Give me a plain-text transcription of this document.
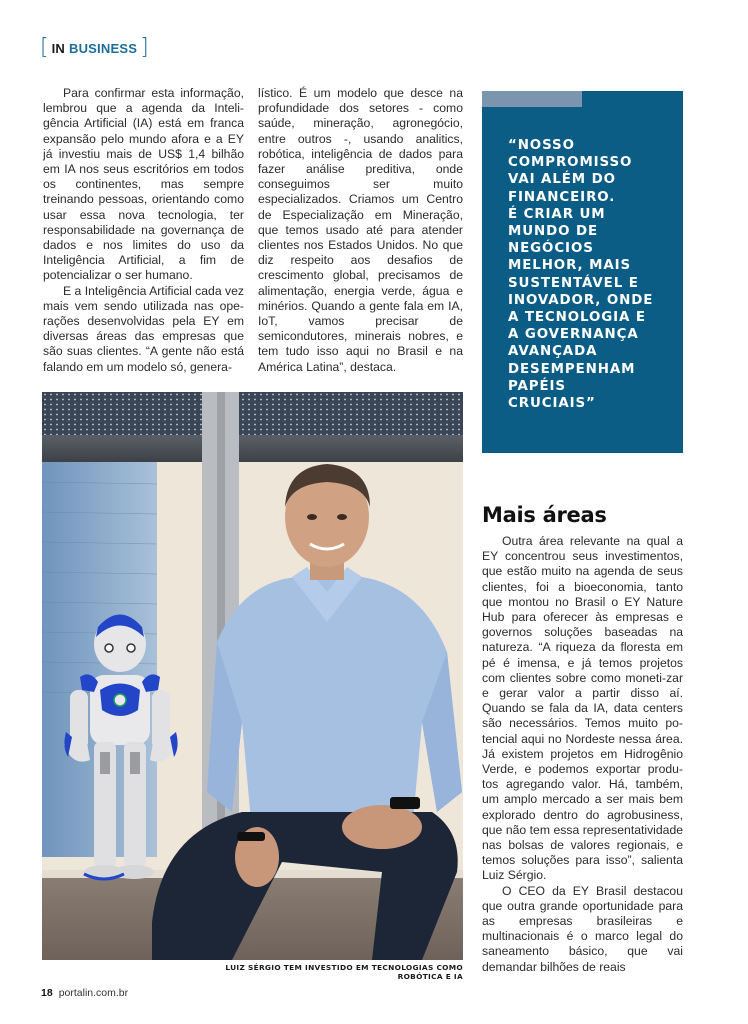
[ IN BUSINESS ]

Para confirmar esta informação, lembrou que a agenda da Inteli-gência Artificial (IA) está em franca expansão pelo mundo afora e a EY já investiu mais de US$ 1,4 bilhão em IA nos seus escritórios em todos os continentes, mas sempre treinando pessoas, orientando como usar essa nova tecnologia, ter responsabilidade na governança de dados e nos limites do uso da Inteligência Artificial, a fim de potencializar o ser humano.

E a Inteligência Artificial cada vez mais vem sendo utilizada nas ope-rações desenvolvidas pela EY em diversas áreas das empresas que são suas clientes. “A gente não está falando em um modelo só, genera-

lístico. É um modelo que desce na profundidade dos setores - como saúde, mineração, agronegócio, entre outros -, usando analitics, robótica, inteligência de dados para fazer análise preditiva, onde conseguimos ser muito especializados. Criamos um Centro de Especialização em Mineração, que temos usado até para atender clientes nos Estados Unidos. No que diz respeito aos desafios de crescimento global, precisamos de alimentação, energia verde, água e minérios. Quando a gente fala em IA, IoT, vamos precisar de semicondutores, minerais nobres, e tem tudo isso aqui no Brasil e na América Latina”, destaca.

“NOSSO
COMPROMISSO
VAI ALÉM DO
FINANCEIRO.
É CRIAR UM
MUNDO DE
NEGÓCIOS
MELHOR, MAIS
SUSTENTÁVEL E
INOVADOR, ONDE
A TECNOLOGIA E
A GOVERNANÇA
AVANÇADA
DESEMPENHAM
PAPÉIS
CRUCIAIS”
Mais áreas

Outra área relevante na qual a EY concentrou seus investimentos, que estão muito na agenda de seus clientes, foi a bioeconomia, tanto que montou no Brasil o EY Nature Hub para oferecer às empresas e governos soluções baseadas na natureza. “A riqueza da floresta em pé é imensa, e já temos projetos com clientes sobre como moneti-zar e gerar valor a partir disso aí. Quando se fala da IA, data centers são necessários. Temos muito po-tencial aqui no Nordeste nessa área. Já existem projetos em Hidrogênio Verde, e podemos exportar produ-tos agregando valor. Há, também, um amplo mercado a ser mais bem explorado dentro do agrobusiness, que não tem essa representatividade nas bolsas de valores regionais, e temos soluções para isso”, salienta Luiz Sérgio.

O CEO da EY Brasil destacou que outra grande oportunidade para as empresas brasileiras e multinacionais é o marco legal do saneamento básico, que vai demandar bilhões de reais

LUIZ SÉRGIO TEM INVESTIDO EM TECNOLOGIAS COMO ROBÓTICA E IA
18 portalin.com.br
